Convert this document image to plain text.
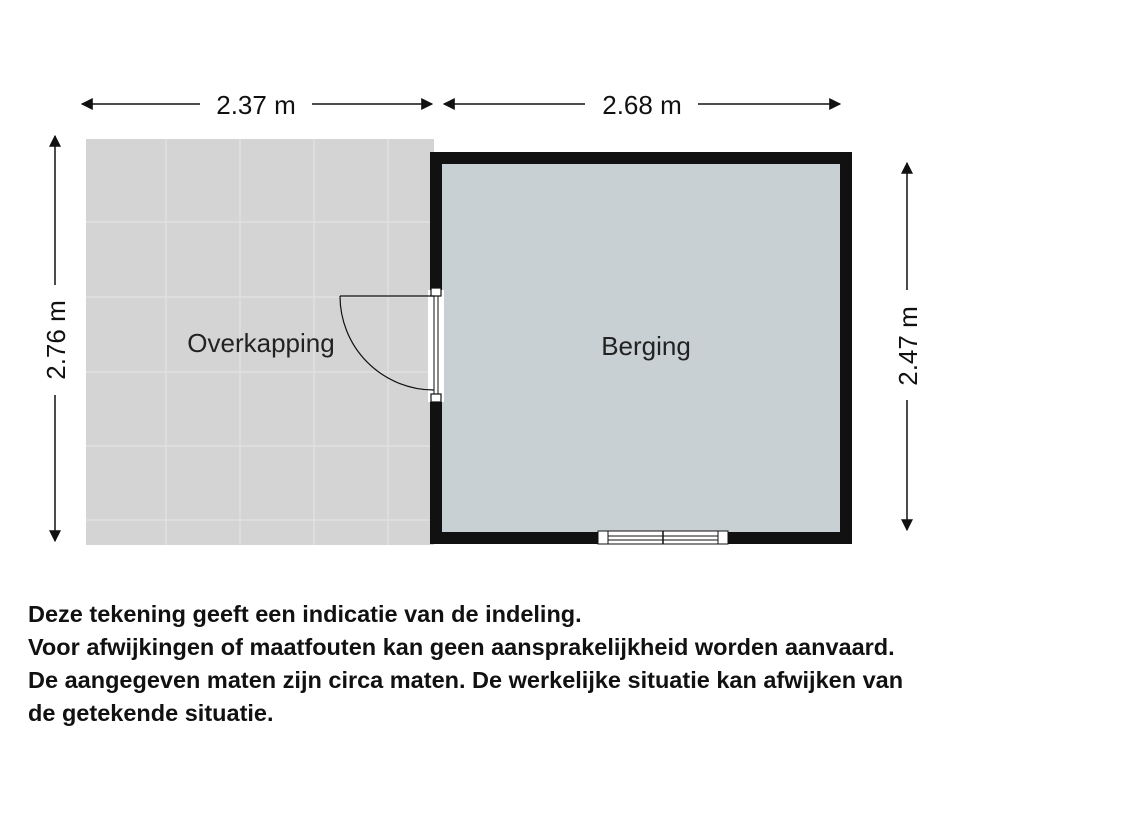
Overkapping	Berging
2.37 m	2.68 m
2.76 m	2.47 m
Deze tekening geeft een indicatie van de indeling.
Voor afwijkingen of maatfouten kan geen aansprakelijkheid worden aanvaard.
De aangegeven maten zijn circa maten. De werkelijke situatie kan afwijken van
de getekende situatie.
